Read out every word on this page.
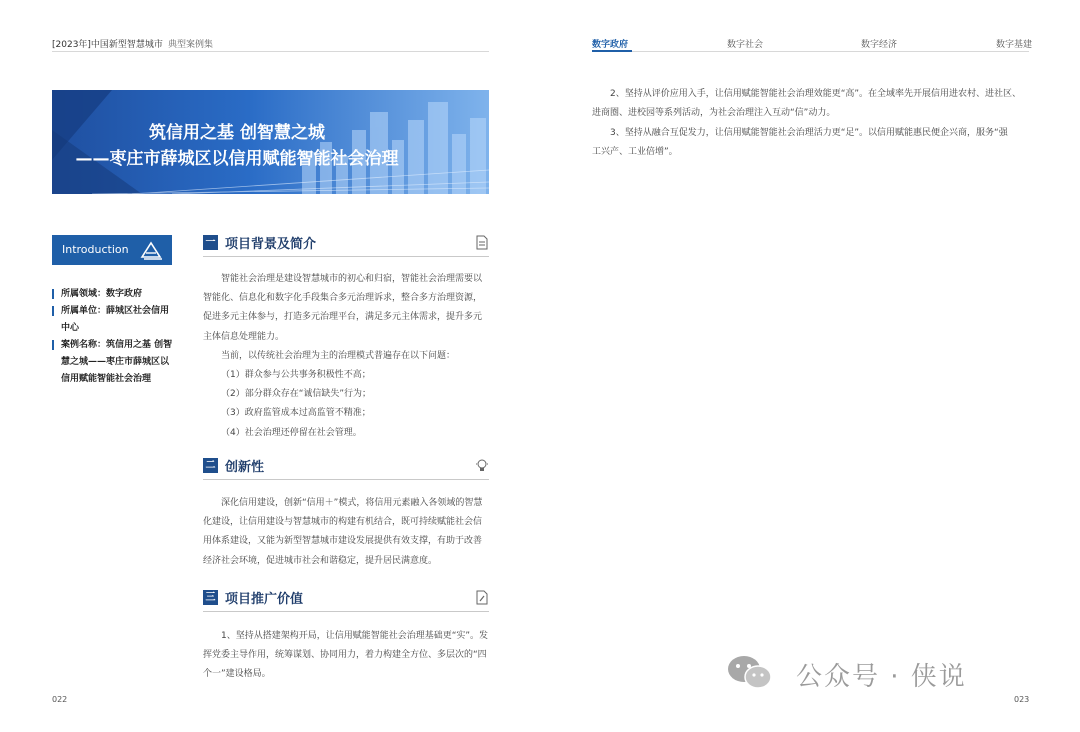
[2023年]中国新型智慧城市 典型案例集	数字政府	数字社会	数字经济	数字基建
筑信用之基 创智慧之城
——枣庄市薛城区以信用赋能智能社会治理
Introduction
所属领域：数字政府
所属单位：薛城区社会信用
中心
案例名称：筑信用之基 创智
慧之城——枣庄市薛城区以
信用赋能智能社会治理
一 项目背景及简介
智能社会治理是建设智慧城市的初心和归宿，智能社会治理需要以
智能化、信息化和数字化手段集合多元治理诉求，整合多方治理资源，
促进多元主体参与，打造多元治理平台，满足多元主体需求，提升多元
主体信息处理能力。
当前，以传统社会治理为主的治理模式普遍存在以下问题：
（1）群众参与公共事务积极性不高；
（2）部分群众存在“诚信缺失”行为；
（3）政府监管成本过高监管不精准；
（4）社会治理还停留在社会管理。
二 创新性
深化信用建设，创新“信用＋”模式，将信用元素融入各领域的智慧
化建设，让信用建设与智慧城市的构建有机结合，既可持续赋能社会信
用体系建设，又能为新型智慧城市建设发展提供有效支撑，有助于改善
经济社会环境，促进城市社会和谐稳定，提升居民满意度。
三 项目推广价值
1、坚持从搭建架构开局，让信用赋能智能社会治理基础更“实”。发
挥党委主导作用，统筹谋划、协同用力，着力构建全方位、多层次的“四
个一”建设格局。
2、坚持从评价应用入手，让信用赋能智能社会治理效能更“高”。在全域率先开展信用进农村、进社区、
进商圈、进校园等系列活动，为社会治理注入互动“信”动力。
3、坚持从融合互促发力，让信用赋能智能社会治理活力更“足”。以信用赋能惠民便企兴商，服务“强
工兴产、工业倍增”。
022	023
公众号 · 侠说
